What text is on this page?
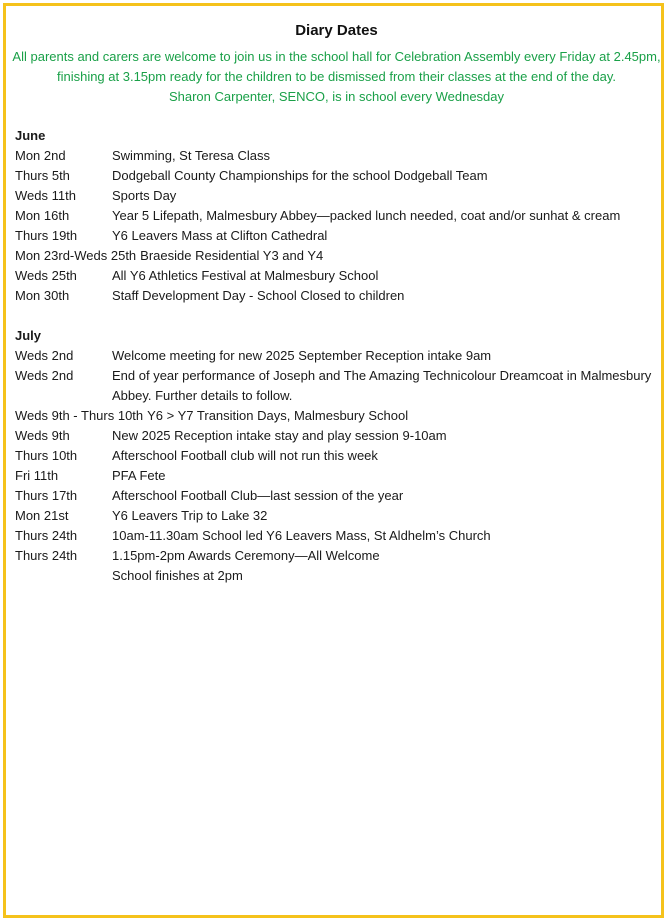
Diary Dates
All parents and carers are welcome to join us in the school hall for Celebration Assembly every Friday at 2.45pm,
finishing at 3.15pm ready for the children to be dismissed from their classes at the end of the day.
Sharon Carpenter, SENCO, is in school every Wednesday
June
Mon 2nd	Swimming, St Teresa Class
Thurs 5th	Dodgeball County Championships for the school Dodgeball Team
Weds 11th	Sports Day
Mon 16th	Year 5 Lifepath, Malmesbury Abbey—packed lunch needed, coat and/or sunhat & cream
Thurs 19th	Y6 Leavers Mass at Clifton Cathedral
Mon 23rd-Weds 25th Braeside Residential Y3 and Y4
Weds 25th	All Y6 Athletics Festival at Malmesbury School
Mon 30th	Staff Development Day - School Closed to children
July
Weds 2nd	Welcome meeting for new 2025 September Reception intake 9am
Weds 2nd	End of year performance of Joseph and The Amazing Technicolour Dreamcoat in Malmesbury
Abbey. Further details to follow.
Weds 9th - Thurs 10th Y6 > Y7 Transition Days, Malmesbury School
Weds 9th	New 2025 Reception intake stay and play session 9-10am
Thurs 10th	Afterschool Football club will not run this week
Fri 11th	PFA Fete
Thurs 17th	Afterschool Football Club—last session of the year
Mon 21st	Y6 Leavers Trip to Lake 32
Thurs 24th	10am-11.30am School led Y6 Leavers Mass, St Aldhelm’s Church
Thurs 24th	1.15pm-2pm Awards Ceremony—All Welcome
School finishes at 2pm
